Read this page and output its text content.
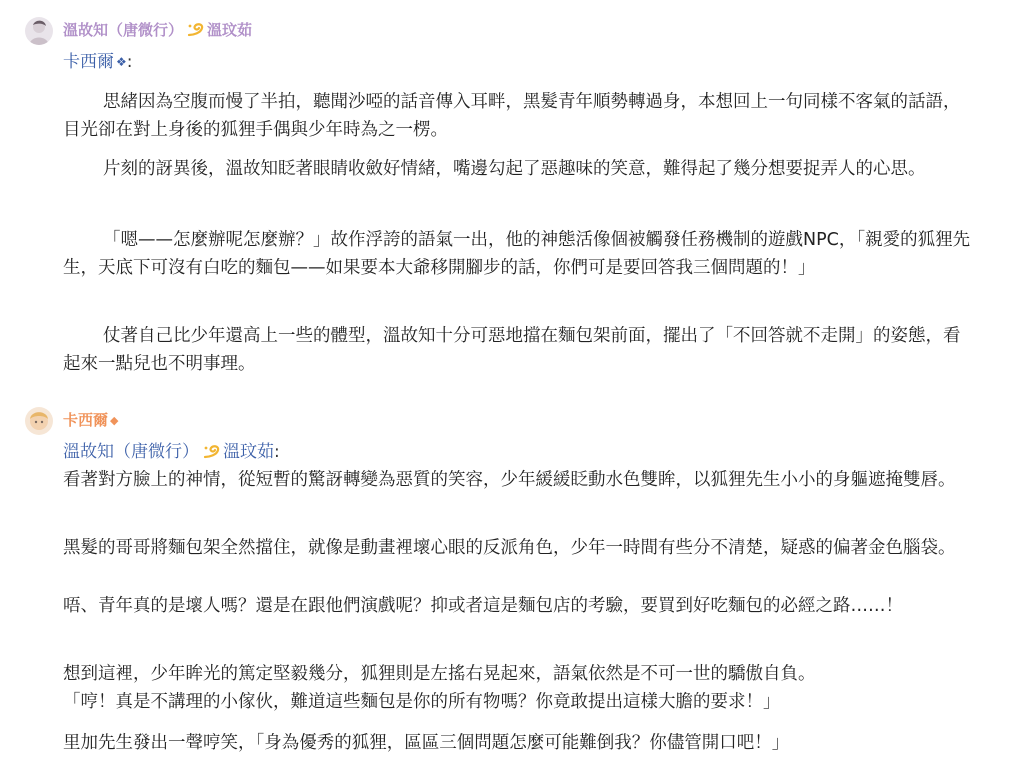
溫故知（唐微行） 溫玟茹
卡西爾 ❖:

思緒因為空腹而慢了半拍，聽聞沙啞的話音傳入耳畔，黑髮青年順勢轉過身，本想回上一句同樣不客氣的話語，目光卻在對上身後的狐狸手偶與少年時為之一楞。

片刻的訝異後，溫故知眨著眼睛收斂好情緒，嘴邊勾起了惡趣味的笑意，難得起了幾分想要捉弄人的心思。

「嗯——怎麼辦呢怎麼辦？」故作浮誇的語氣一出，他的神態活像個被觸發任務機制的遊戲NPC，「親愛的狐狸先生，天底下可沒有白吃的麵包——如果要本大爺移開腳步的話，你們可是要回答我三個問題的！」

仗著自己比少年還高上一些的體型，溫故知十分可惡地擋在麵包架前面，擺出了「不回答就不走開」的姿態，看起來一點兒也不明事理。

卡西爾 ◆
溫故知（唐微行） 溫玟茹:

看著對方臉上的神情，從短暫的驚訝轉變為惡質的笑容，少年緩緩眨動水色雙眸，以狐狸先生小小的身軀遮掩雙唇。

黑髮的哥哥將麵包架全然擋住，就像是動畫裡壞心眼的反派角色，少年一時間有些分不清楚，疑惑的偏著金色腦袋。

唔、青年真的是壞人嗎？還是在跟他們演戲呢？抑或者這是麵包店的考驗，要買到好吃麵包的必經之路……！

想到這裡，少年眸光的篤定堅毅幾分，狐狸則是左搖右晃起來，語氣依然是不可一世的驕傲自負。

「哼！真是不講理的小傢伙，難道這些麵包是你的所有物嗎？你竟敢提出這樣大膽的要求！」

里加先生發出一聲哼笑，「身為優秀的狐狸，區區三個問題怎麼可能難倒我？你儘管開口吧！」
